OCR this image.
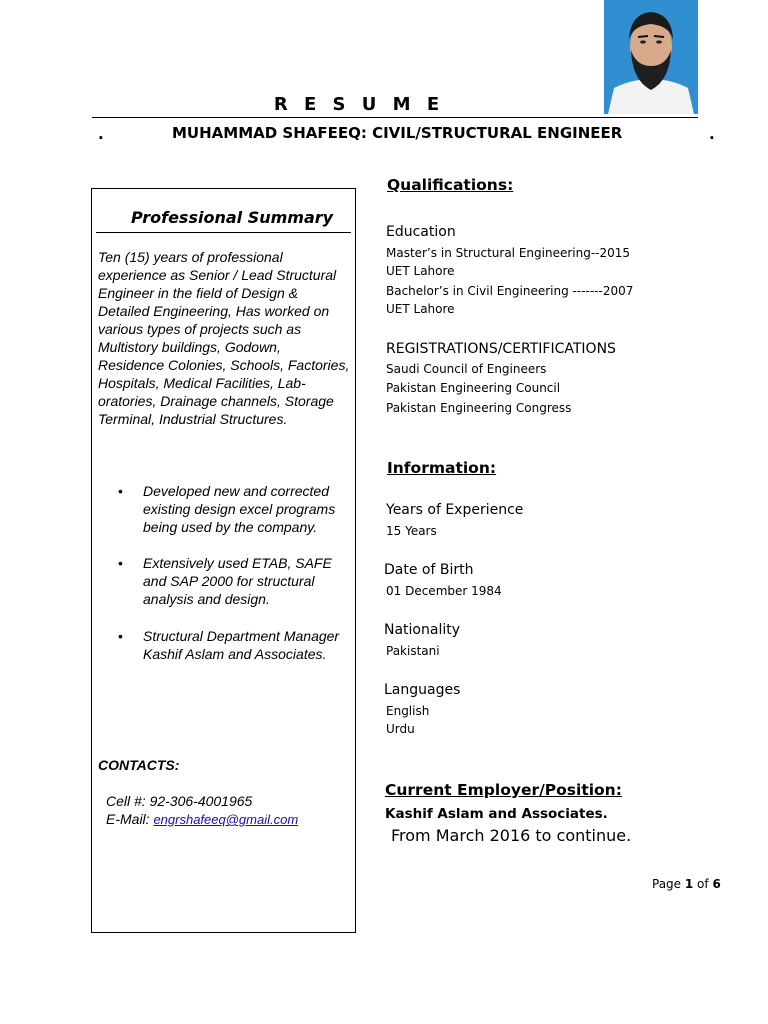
R E S U M E
.	MUHAMMAD SHAFEEQ: CIVIL/STRUCTURAL ENGINEER	.
Professional Summary
Ten (15) years of professional experience as Senior / Lead Structural Engineer in the field of Design & Detailed Engineering, Has worked on various types of projects such as Multistory buildings, Godown, Residence Colonies, Schools, Factories, Hospitals, Medical Facilities, Lab-oratories, Drainage channels, Storage Terminal, Industrial Structures.
• Developed new and corrected existing design excel programs being used by the company.
• Extensively used ETAB, SAFE and SAP 2000 for structural analysis and design.
• Structural Department Manager
Kashif Aslam and Associates.
CONTACTS:
Cell #: 92-306-4001965
E-Mail: engrshafeeq@gmail.com
Qualifications:
Education
Master’s in Structural Engineering--2015
UET Lahore
Bachelor’s in Civil Engineering -------2007
UET Lahore
REGISTRATIONS/CERTIFICATIONS
Saudi Council of Engineers
Pakistan Engineering Council
Pakistan Engineering Congress
Information:
Years of Experience
15 Years
Date of Birth
01 December 1984
Nationality
Pakistani
Languages
English
Urdu
Current Employer/Position:
Kashif Aslam and Associates.
From March 2016 to continue.
Page 1 of 6
